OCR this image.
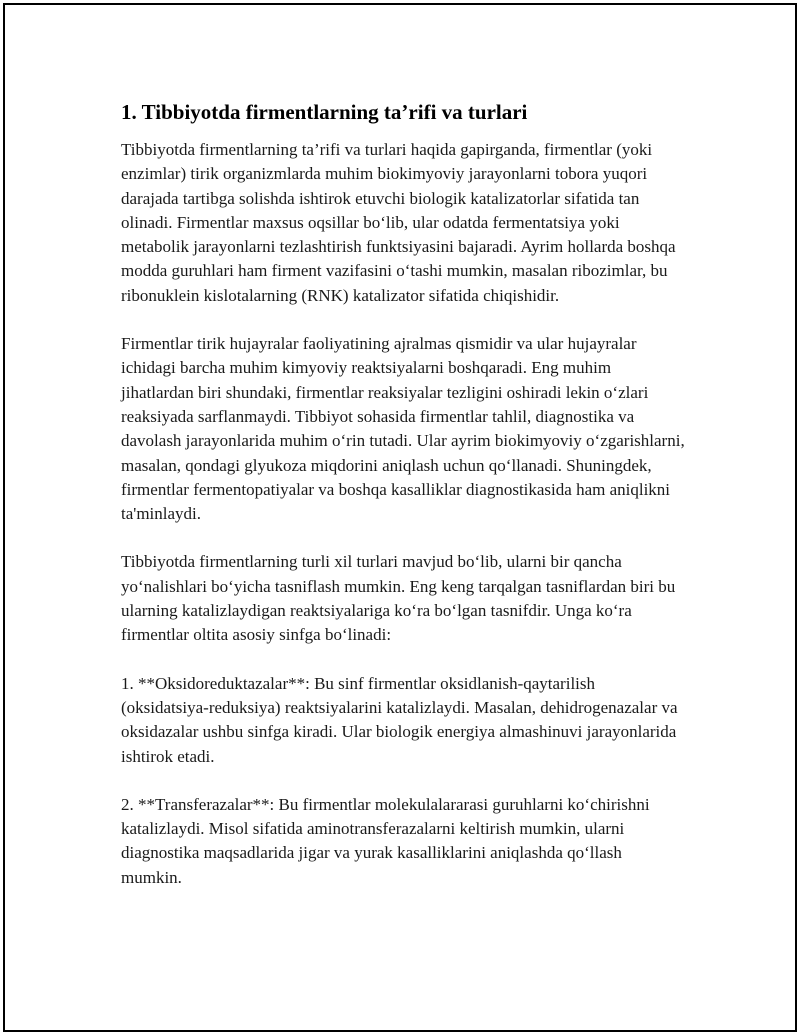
1. Tibbiyotda firmentlarning ta’rifi va turlari

Tibbiyotda firmentlarning ta’rifi va turlari haqida gapirganda, firmentlar (yoki enzimlar) tirik organizmlarda muhim biokimyoviy jarayonlarni tobora yuqori darajada tartibga solishda ishtirok etuvchi biologik katalizatorlar sifatida tan olinadi. Firmentlar maxsus oqsillar bo‘lib, ular odatda fermentatsiya yoki metabolik jarayonlarni tezlashtirish funktsiyasini bajaradi. Ayrim hollarda boshqa modda guruhlari ham firment vazifasini o‘tashi mumkin, masalan ribozimlar, bu ribonuklein kislotalarning (RNK) katalizator sifatida chiqishidir.

Firmentlar tirik hujayralar faoliyatining ajralmas qismidir va ular hujayralar ichidagi barcha muhim kimyoviy reaktsiyalarni boshqaradi. Eng muhim jihatlardan biri shundaki, firmentlar reaksiyalar tezligini oshiradi lekin o‘zlari reaksiyada sarflanmaydi. Tibbiyot sohasida firmentlar tahlil, diagnostika va davolash jarayonlarida muhim o‘rin tutadi. Ular ayrim biokimyoviy o‘zgarishlarni, masalan, qondagi glyukoza miqdorini aniqlash uchun qo‘llanadi. Shuningdek, firmentlar fermentopatiyalar va boshqa kasalliklar diagnostikasida ham aniqlikni ta'minlaydi.

Tibbiyotda firmentlarning turli xil turlari mavjud bo‘lib, ularni bir qancha yo‘nalishlari bo‘yicha tasniflash mumkin. Eng keng tarqalgan tasniflardan biri bu ularning katalizlaydigan reaktsiyalariga ko‘ra bo‘lgan tasnifdir. Unga ko‘ra firmentlar oltita asosiy sinfga bo‘linadi:

1. **Oksidoreduktazalar**: Bu sinf firmentlar oksidlanish-qaytarilish (oksidatsiya-reduksiya) reaktsiyalarini katalizlaydi. Masalan, dehidrogenazalar va oksidazalar ushbu sinfga kiradi. Ular biologik energiya almashinuvi jarayonlarida ishtirok etadi.

2. **Transferazalar**: Bu firmentlar molekulalararasi guruhlarni ko‘chirishni katalizlaydi. Misol sifatida aminotransferazalarni keltirish mumkin, ularni diagnostika maqsadlarida jigar va yurak kasalliklarini aniqlashda qo‘llash mumkin.
